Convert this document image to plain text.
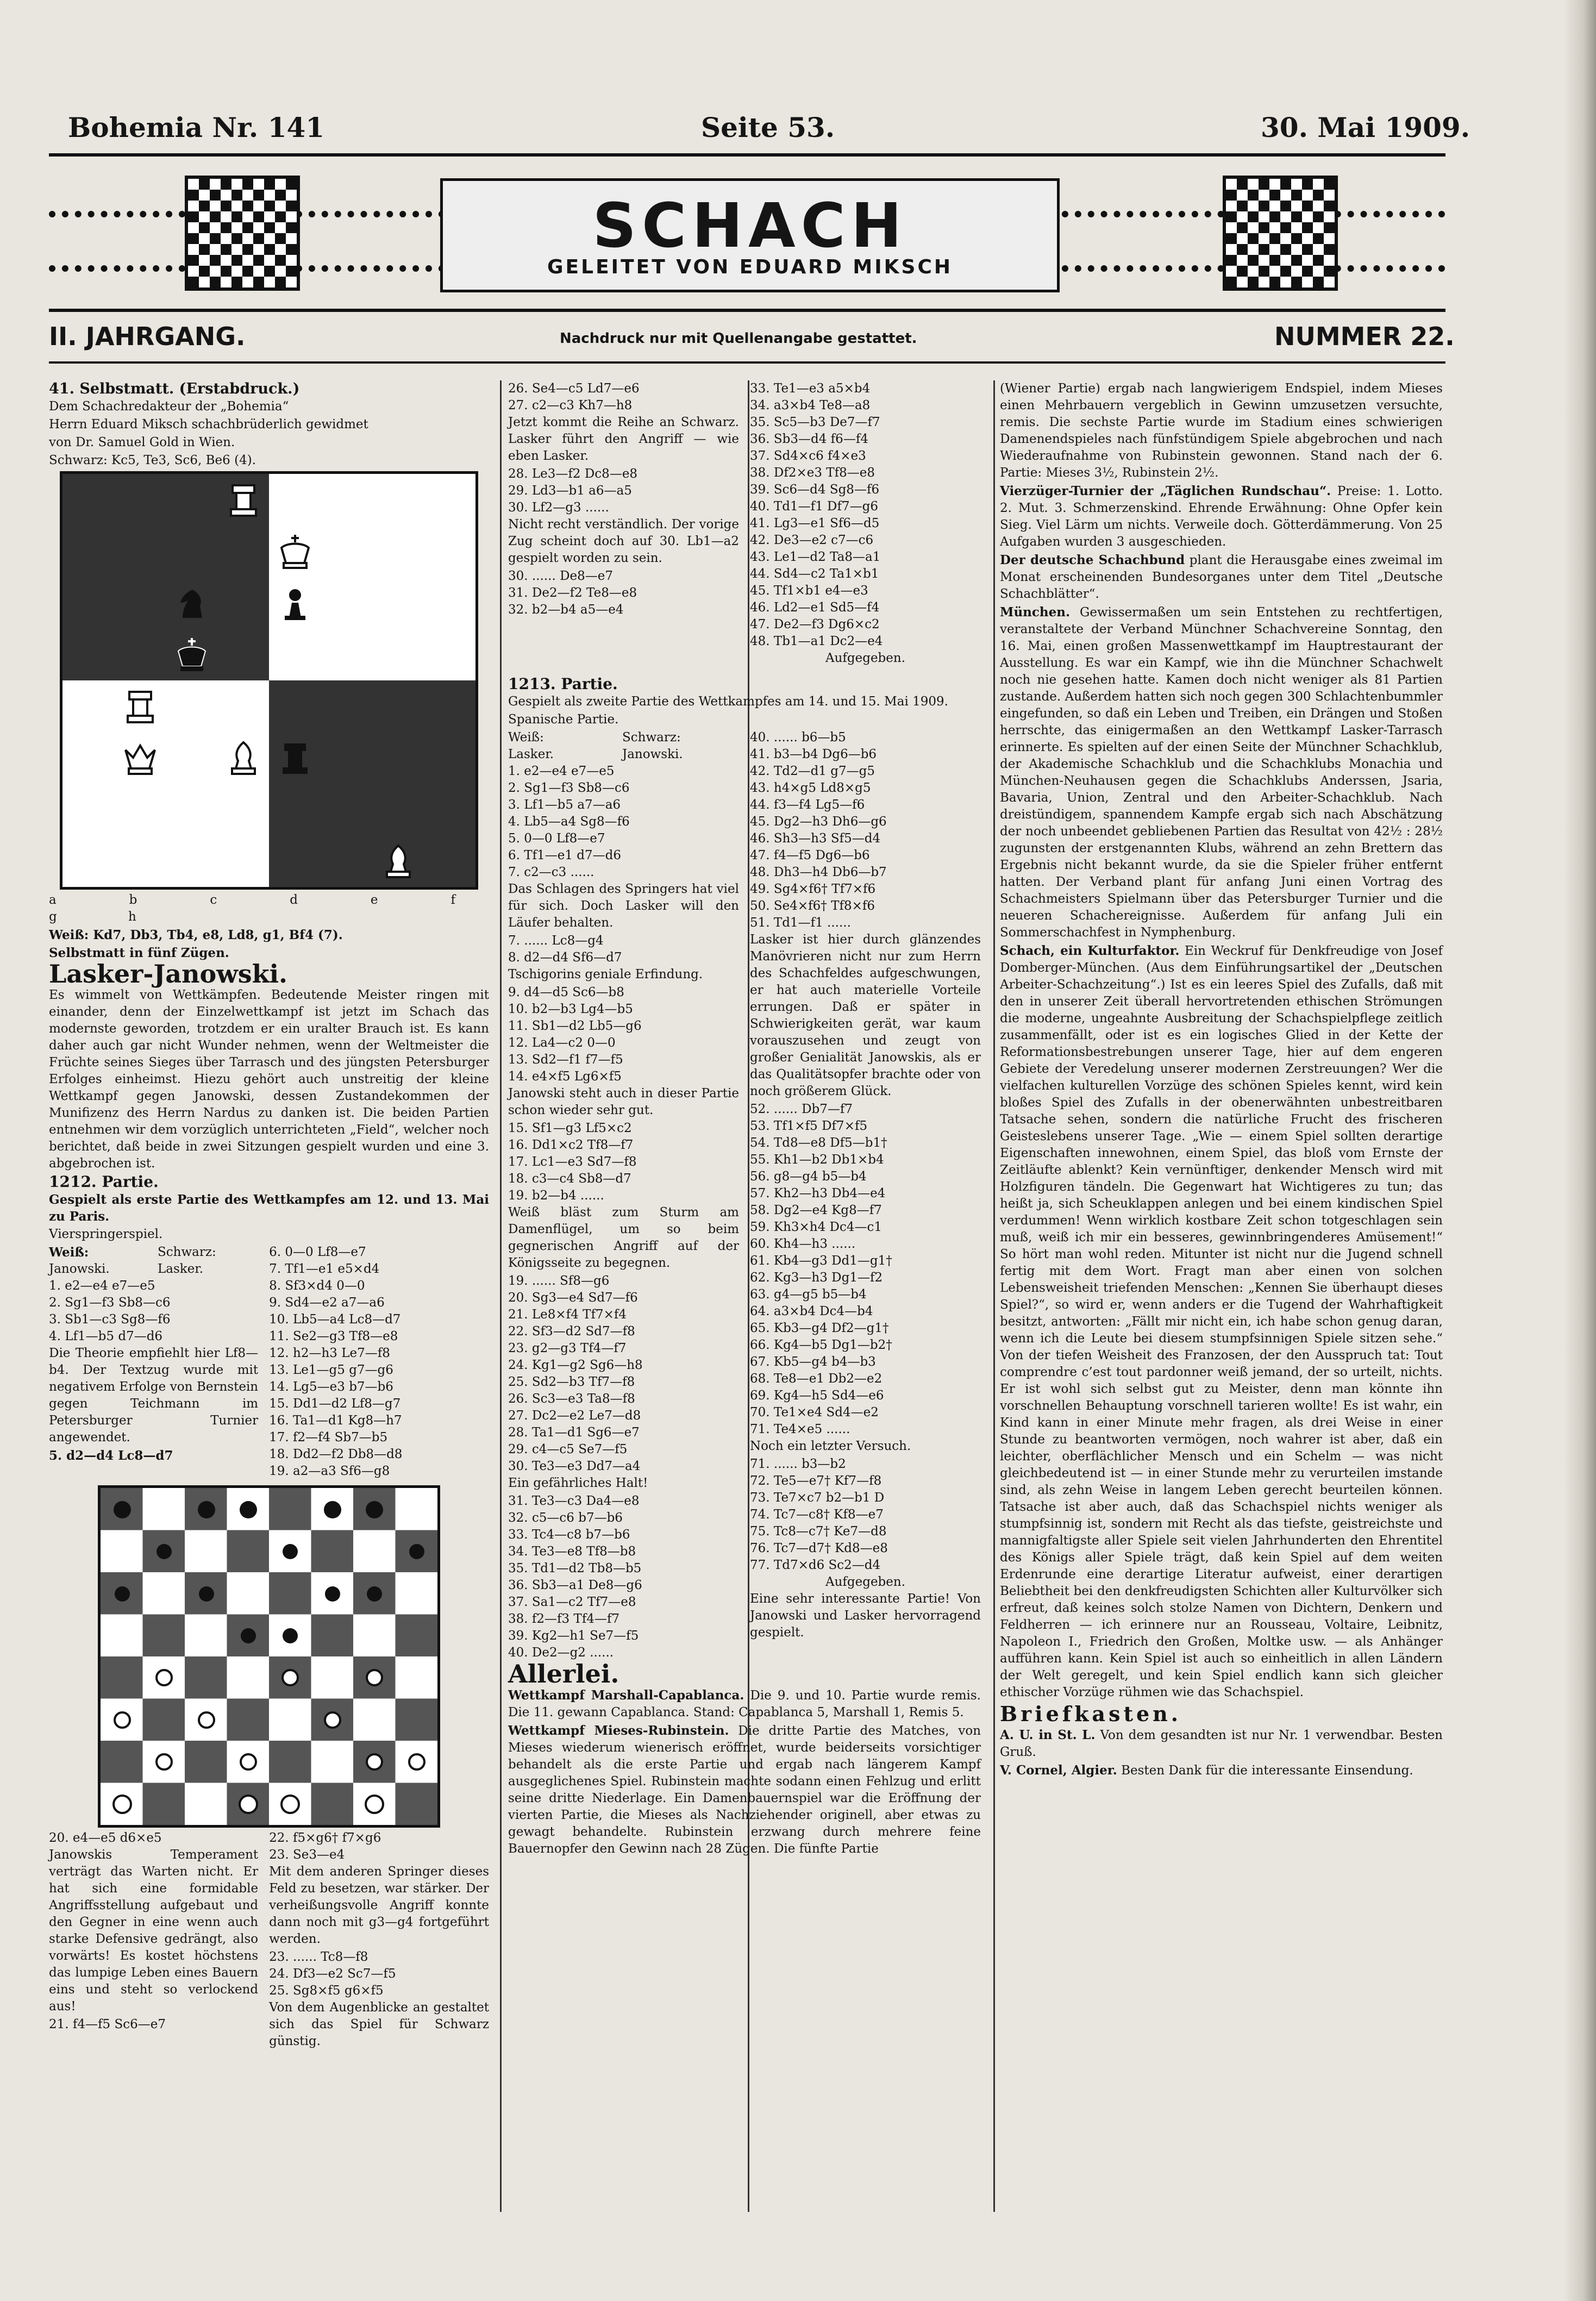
Bohemia Nr. 141	Seite 53.	30. Mai 1909.
SCHACH
GELEITET VON EDUARD MIKSCH
II. JAHRGANG.	Nachdruck nur mit Quellenangabe gestattet.	NUMMER 22.

41. Selbstmatt. (Erstabdruck.)

Dem Schachredakteur der „Bohemia“

Herrn Eduard Miksch schachbrüderlich gewidmet

von Dr. Samuel Gold in Wien.

Schwarz: Kc5, Te3, Sc6, Be6 (4).

a b c d e f g h

Weiß: Kd7, Db3, Tb4, e8, Ld8, g1, Bf4 (7).

Selbstmatt in fünf Zügen.

Lasker-Janowski.

Es wimmelt von Wettkämpfen. Bedeutende Meister ringen mit einander, denn der Einzelwettkampf ist jetzt im Schach das modernste geworden, trotzdem er ein uralter Brauch ist. Es kann daher auch gar nicht Wunder nehmen, wenn der Weltmeister die Früchte seines Sieges über Tarrasch und des jüngsten Petersburger Erfolges einheimst. Hiezu gehört auch unstreitig der kleine Wettkampf gegen Janowski, dessen Zustandekommen der Munifizenz des Herrn Nardus zu danken ist. Die beiden Partien entnehmen wir dem vorzüglich unterrichteten „Field“, welcher noch berichtet, daß beide in zwei Sitzungen gespielt wurden und eine 3. abgebrochen ist.

1212. Partie.

Gespielt als erste Partie des Wettkampfes am 12. und 13. Mai zu Paris.

Vierspringerspiel.

Weiß:	Schwarz:
Janowski.	Lasker.
1. e2—e4 e7—e5
2. Sg1—f3 Sb8—c6
3. Sb1—c3 Sg8—f6
4. Lf1—b5 d7—d6

Die Theorie empfiehlt hier Lf8—b4. Der Textzug wurde mit negativem Erfolge von Bernstein gegen Teichmann im Petersburger Turnier angewendet.

5. d2—d4 Lc8—d7
6. 0—0 Lf8—e7
7. Tf1—e1 e5×d4
8. Sf3×d4 0—0
9. Sd4—e2 a7—a6
10. Lb5—a4 Lc8—d7
11. Se2—g3 Tf8—e8
12. h2—h3 Le7—f8
13. Le1—g5 g7—g6
14. Lg5—e3 b7—b6
15. Dd1—d2 Lf8—g7
16. Ta1—d1 Kg8—h7
17. f2—f4 Sb7—b5
18. Dd2—f2 Db8—d8
19. a2—a3 Sf6—g8
20. e4—e5 d6×e5

Janowskis Temperament verträgt das Warten nicht. Er hat sich eine formidable Angriffsstellung aufgebaut und den Gegner in eine wenn auch starke Defensive gedrängt, also vorwärts! Es kostet höchstens das lumpige Leben eines Bauern eins und steht so verlockend aus!

21. f4—f5 Sc6—e7
22. f5×g6† f7×g6
23. Se3—e4

Mit dem anderen Springer dieses Feld zu besetzen, war stärker. Der verheißungsvolle Angriff konnte dann noch mit g3—g4 fortgeführt werden.

23. ...... Tc8—f8
24. Df3—e2 Sc7—f5
25. Sg8×f5 g6×f5

Von dem Augenblicke an gestaltet sich das Spiel für Schwarz günstig.

26. Se4—c5 Ld7—e6
27. c2—c3 Kh7—h8

Jetzt kommt die Reihe an Schwarz. Lasker führt den Angriff — wie eben Lasker.

28. Le3—f2 Dc8—e8
29. Ld3—b1 a6—a5
30. Lf2—g3 ......

Nicht recht verständlich. Der vorige Zug scheint doch auf 30. Lb1—a2 gespielt worden zu sein.

30. ...... De8—e7
31. De2—f2 Te8—e8
32. b2—b4 a5—e4
33. Te1—e3 a5×b4
34. a3×b4 Te8—a8
35. Sc5—b3 De7—f7
36. Sb3—d4 f6—f4
37. Sd4×c6 f4×e3
38. Df2×e3 Tf8—e8
39. Sc6—d4 Sg8—f6
40. Td1—f1 Df7—g6
41. Lg3—e1 Sf6—d5
42. De3—e2 c7—c6
43. Le1—d2 Ta8—a1
44. Sd4—c2 Ta1×b1
45. Tf1×b1 e4—e3
46. Ld2—e1 Sd5—f4
47. De2—f3 Dg6×c2
48. Tb1—a1 Dc2—e4
Aufgegeben.

1213. Partie.

Gespielt als zweite Partie des Wettkampfes am 14. und 15. Mai 1909.

Spanische Partie.

Weiß:	Schwarz:
Lasker.	Janowski.
1. e2—e4 e7—e5
2. Sg1—f3 Sb8—c6
3. Lf1—b5 a7—a6
4. Lb5—a4 Sg8—f6
5. 0—0 Lf8—e7
6. Tf1—e1 d7—d6
7. c2—c3 ......

Das Schlagen des Springers hat viel für sich. Doch Lasker will den Läufer behalten.

7. ...... Lc8—g4
8. d2—d4 Sf6—d7

Tschigorins geniale Erfindung.

9. d4—d5 Sc6—b8
10. b2—b3 Lg4—b5
11. Sb1—d2 Lb5—g6
12. La4—c2 0—0
13. Sd2—f1 f7—f5
14. e4×f5 Lg6×f5

Janowski steht auch in dieser Partie schon wieder sehr gut.

15. Sf1—g3 Lf5×c2
16. Dd1×c2 Tf8—f7
17. Lc1—e3 Sd7—f8
18. c3—c4 Sb8—d7
19. b2—b4 ......

Weiß bläst zum Sturm am Damenflügel, um so beim gegnerischen Angriff auf der Königsseite zu begegnen.

19. ...... Sf8—g6
20. Sg3—e4 Sd7—f6
21. Le8×f4 Tf7×f4
22. Sf3—d2 Sd7—f8
23. g2—g3 Tf4—f7
24. Kg1—g2 Sg6—h8
25. Sd2—b3 Tf7—f8
26. Sc3—e3 Ta8—f8
27. Dc2—e2 Le7—d8
28. Ta1—d1 Sg6—e7
29. c4—c5 Se7—f5
30. Te3—e3 Dd7—a4

Ein gefährliches Halt!

31. Te3—c3 Da4—e8
32. c5—c6 b7—b6
33. Tc4—c8 b7—b6
34. Te3—e8 Tf8—b8
35. Td1—d2 Tb8—b5
36. Sb3—a1 De8—g6
37. Sa1—c2 Tf7—e8
38. f2—f3 Tf4—f7
39. Kg2—h1 Se7—f5
40. De2—g2 ......
40. ...... b6—b5
41. b3—b4 Dg6—b6
42. Td2—d1 g7—g5
43. h4×g5 Ld8×g5
44. f3—f4 Lg5—f6
45. Dg2—h3 Dh6—g6
46. Sh3—h3 Sf5—d4
47. f4—f5 Dg6—b6
48. Dh3—h4 Db6—b7
49. Sg4×f6† Tf7×f6
50. Se4×f6† Tf8×f6
51. Td1—f1 ......

Lasker ist hier durch glänzendes Manövrieren nicht nur zum Herrn des Schachfeldes aufgeschwungen, er hat auch materielle Vorteile errungen. Daß er später in Schwierigkeiten gerät, war kaum vorauszusehen und zeugt von großer Genialität Janowskis, als er das Qualitätsopfer brachte oder von noch größerem Glück.

52. ...... Db7—f7
53. Tf1×f5 Df7×f5
54. Td8—e8 Df5—b1†
55. Kh1—b2 Db1×b4
56. g8—g4 b5—b4
57. Kh2—h3 Db4—e4
58. Dg2—e4 Kg8—f7
59. Kh3×h4 Dc4—c1
60. Kh4—h3 ......
61. Kb4—g3 Dd1—g1†
62. Kg3—h3 Dg1—f2
63. g4—g5 b5—b4
64. a3×b4 Dc4—b4
65. Kb3—g4 Df2—g1†
66. Kg4—b5 Dg1—b2†
67. Kb5—g4 b4—b3
68. Te8—e1 Db2—e2
69. Kg4—h5 Sd4—e6
70. Te1×e4 Sd4—e2
71. Te4×e5 ......

Noch ein letzter Versuch.

71. ...... b3—b2
72. Te5—e7† Kf7—f8
73. Te7×c7 b2—b1 D
74. Tc7—c8† Kf8—e7
75. Tc8—c7† Ke7—d8
76. Tc7—d7† Kd8—e8
77. Td7×d6 Sc2—d4
Aufgegeben.

Eine sehr interessante Partie! Von Janowski und Lasker hervorragend gespielt.

Allerlei.

Wettkampf Marshall-Capablanca. Die 9. und 10. Partie wurde remis. Die 11. gewann Capablanca. Stand: Capablanca 5, Marshall 1, Remis 5.

Wettkampf Mieses-Rubinstein. Die dritte Partie des Matches, von Mieses wiederum wienerisch eröffnet, wurde beiderseits vorsichtiger behandelt als die erste Partie und ergab nach längerem Kampf ausgeglichenes Spiel. Rubinstein machte sodann einen Fehlzug und erlitt seine dritte Niederlage. Ein Damenbauernspiel war die Eröffnung der vierten Partie, die Mieses als Nachziehender originell, aber etwas zu gewagt behandelte. Rubinstein erzwang durch mehrere feine Bauernopfer den Gewinn nach 28 Zügen. Die fünfte Partie

(Wiener Partie) ergab nach langwierigem Endspiel, indem Mieses einen Mehrbauern vergeblich in Gewinn umzusetzen versuchte, remis. Die sechste Partie wurde im Stadium eines schwierigen Damenendspieles nach fünfstündigem Spiele abgebrochen und nach Wiederaufnahme von Rubinstein gewonnen. Stand nach der 6. Partie: Mieses 3½, Rubinstein 2½.

Vierzüger-Turnier der „Täglichen Rundschau“. Preise: 1. Lotto. 2. Mut. 3. Schmerzenskind. Ehrende Erwähnung: Ohne Opfer kein Sieg. Viel Lärm um nichts. Verweile doch. Götterdämmerung. Von 25 Aufgaben wurden 3 ausgeschieden.

Der deutsche Schachbund plant die Herausgabe eines zweimal im Monat erscheinenden Bundesorganes unter dem Titel „Deutsche Schachblätter“.

München. Gewissermaßen um sein Entstehen zu rechtfertigen, veranstaltete der Verband Münchner Schachvereine Sonntag, den 16. Mai, einen großen Massenwettkampf im Hauptrestaurant der Ausstellung. Es war ein Kampf, wie ihn die Münchner Schachwelt noch nie gesehen hatte. Kamen doch nicht weniger als 81 Partien zustande. Außerdem hatten sich noch gegen 300 Schlachtenbummler eingefunden, so daß ein Leben und Treiben, ein Drängen und Stoßen herrschte, das einigermaßen an den Wettkampf Lasker-Tarrasch erinnerte. Es spielten auf der einen Seite der Münchner Schachklub, der Akademische Schachklub und die Schachklubs Monachia und München-Neuhausen gegen die Schachklubs Anderssen, Jsaria, Bavaria, Union, Zentral und den Arbeiter-Schachklub. Nach dreistündigem, spannendem Kampfe ergab sich nach Abschätzung der noch unbeendet gebliebenen Partien das Resultat von 42½ : 28½ zugunsten der erstgenannten Klubs, während an zehn Brettern das Ergebnis nicht bekannt wurde, da sie die Spieler früher entfernt hatten. Der Verband plant für anfang Juni einen Vortrag des Schachmeisters Spielmann über das Petersburger Turnier und die neueren Schachereignisse. Außerdem für anfang Juli ein Sommerschachfest in Nymphenburg.

Schach, ein Kulturfaktor. Ein Weckruf für Denkfreudige von Josef Domberger-München. (Aus dem Einführungsartikel der „Deutschen Arbeiter-Schachzeitung“.) Ist es ein leeres Spiel des Zufalls, daß mit den in unserer Zeit überall hervortretenden ethischen Strömungen die moderne, ungeahnte Ausbreitung der Schachspielpflege zeitlich zusammenfällt, oder ist es ein logisches Glied in der Kette der Reformationsbestrebungen unserer Tage, hier auf dem engeren Gebiete der Veredelung unserer modernen Zerstreuungen? Wer die vielfachen kulturellen Vorzüge des schönen Spieles kennt, wird kein bloßes Spiel des Zufalls in der obenerwähnten unbestreitbaren Tatsache sehen, sondern die natürliche Frucht des frischeren Geisteslebens unserer Tage. „Wie — einem Spiel sollten derartige Eigenschaften innewohnen, einem Spiel, das bloß vom Ernste der Zeitläufte ablenkt? Kein vernünftiger, denkender Mensch wird mit Holzfiguren tändeln. Die Gegenwart hat Wichtigeres zu tun; das heißt ja, sich Scheuklappen anlegen und bei einem kindischen Spiel verdummen! Wenn wirklich kostbare Zeit schon totgeschlagen sein muß, weiß ich mir ein besseres, gewinnbringenderes Amüsement!“ So hört man wohl reden. Mitunter ist nicht nur die Jugend schnell fertig mit dem Wort. Fragt man aber einen von solchen Lebensweisheit triefenden Menschen: „Kennen Sie überhaupt dieses Spiel?“, so wird er, wenn anders er die Tugend der Wahrhaftigkeit besitzt, antworten: „Fällt mir nicht ein, ich habe schon genug daran, wenn ich die Leute bei diesem stumpfsinnigen Spiele sitzen sehe.“ Von der tiefen Weisheit des Franzosen, der den Ausspruch tat: Tout comprendre c’est tout pardonner weiß jemand, der so urteilt, nichts. Er ist wohl sich selbst gut zu Meister, denn man könnte ihn vorschnellen Behauptung vorschnell tarieren wollte! Es ist wahr, ein Kind kann in einer Minute mehr fragen, als drei Weise in einer Stunde zu beantworten vermögen, noch wahrer ist aber, daß ein leichter, oberflächlicher Mensch und ein Schelm — was nicht gleichbedeutend ist — in einer Stunde mehr zu verurteilen imstande sind, als zehn Weise in langem Leben gerecht beurteilen können. Tatsache ist aber auch, daß das Schachspiel nichts weniger als stumpfsinnig ist, sondern mit Recht als das tiefste, geistreichste und mannigfaltigste aller Spiele seit vielen Jahrhunderten den Ehrentitel des Königs aller Spiele trägt, daß kein Spiel auf dem weiten Erdenrunde eine derartige Literatur aufweist, einer derartigen Beliebtheit bei den denkfreudigsten Schichten aller Kulturvölker sich erfreut, daß keines solch stolze Namen von Dichtern, Denkern und Feldherren — ich erinnere nur an Rousseau, Voltaire, Leibnitz, Napoleon I., Friedrich den Großen, Moltke usw. — als Anhänger aufführen kann. Kein Spiel ist auch so einheitlich in allen Ländern der Welt geregelt, und kein Spiel endlich kann sich gleicher ethischer Vorzüge rühmen wie das Schachspiel.

Briefkasten.

A. U. in St. L. Von dem gesandten ist nur Nr. 1 verwendbar. Besten Gruß.

V. Cornel, Algier. Besten Dank für die interessante Einsendung.
